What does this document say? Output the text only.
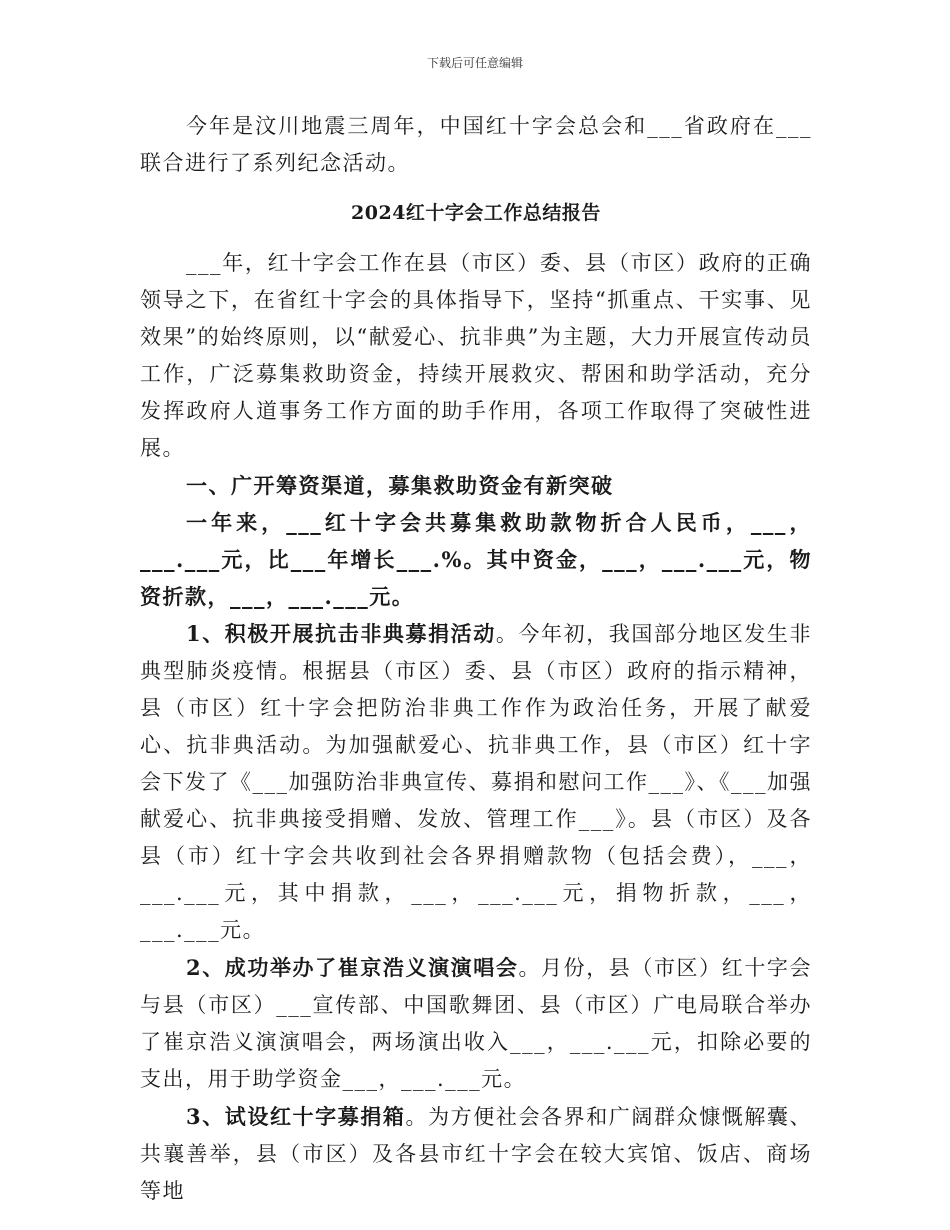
下载后可任意编辑

今年是汶川地震三周年，中国红十字会总会和___省政府在___联合进行了系列纪念活动。

2024红十字会工作总结报告

___年，红十字会工作在县（市区）委、县（市区）政府的正确领导之下，在省红十字会的具体指导下，坚持“抓重点、干实事、见效果”的始终原则，以“献爱心、抗非典”为主题，大力开展宣传动员工作，广泛募集救助资金，持续开展救灾、帮困和助学活动，充分发挥政府人道事务工作方面的助手作用，各项工作取得了突破性进展。

一、广开筹资渠道，募集救助资金有新突破

一年来，___红十字会共募集救助款物折合人民币，___，___.___元，比___年增长___.%。其中资金，___，___.___元，物资折款，___，___.___元。

1、积极开展抗击非典募捐活动。今年初，我国部分地区发生非典型肺炎疫情。根据县（市区）委、县（市区）政府的指示精神，县（市区）红十字会把防治非典工作作为政治任务，开展了献爱心、抗非典活动。为加强献爱心、抗非典工作，县（市区）红十字会下发了《___加强防治非典宣传、募捐和慰问工作___》、《___加强献爱心、抗非典接受捐赠、发放、管理工作___》。县（市区）及各县（市）红十字会共收到社会各界捐赠款物（包括会费），___，___.___元，其中捐款，___，___.___元，捐物折款，___，___.___元。

2、成功举办了崔京浩义演演唱会。月份，县（市区）红十字会与县（市区）___宣传部、中国歌舞团、县（市区）广电局联合举办了崔京浩义演演唱会，两场演出收入___，___.___元，扣除必要的支出，用于助学资金___，___.___元。

3、试设红十字募捐箱。为方便社会各界和广阔群众慷慨解囊、共襄善举，县（市区）及各县市红十字会在较大宾馆、饭店、商场等地
